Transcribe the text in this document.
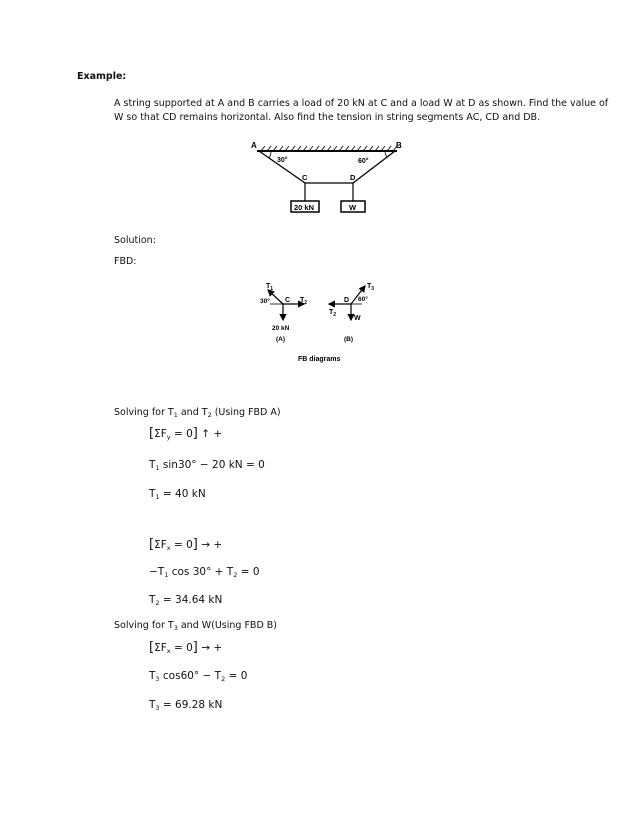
Example:
A string supported at A and B carries a load of 20 kN at C and a load W at D as shown. Find the value of
W so that CD remains horizontal. Also find the tension in string segments AC, CD and DB.
A	B
30°	60°
C	D
20 kN	W
Solution:
FBD:
$T_1$
30° C $T_2$
20 kN
(A)
$T_3$
D 60°
$T_2$	W
(B)
FB diagrams
Solving for $T_1$ and $T_2$ (Using FBD A)
$[\Sigma F_y = 0]$ ↑ +
$T_1$ sin30° − 20 kN = 0
$T_1 = 40$ kN
$[\Sigma F_x = 0]$ → +
$-T_1$ $\cos 30^\circ + T_2 = 0$
$T_2 = 34.64$ kN
Solving for $T_3$ and W(Using FBD B)
$[\Sigma F_x = 0]$ → +
$T_3$ $\cos 60^\circ - T_2 = 0$
$T_3 = 69.28$ kN
